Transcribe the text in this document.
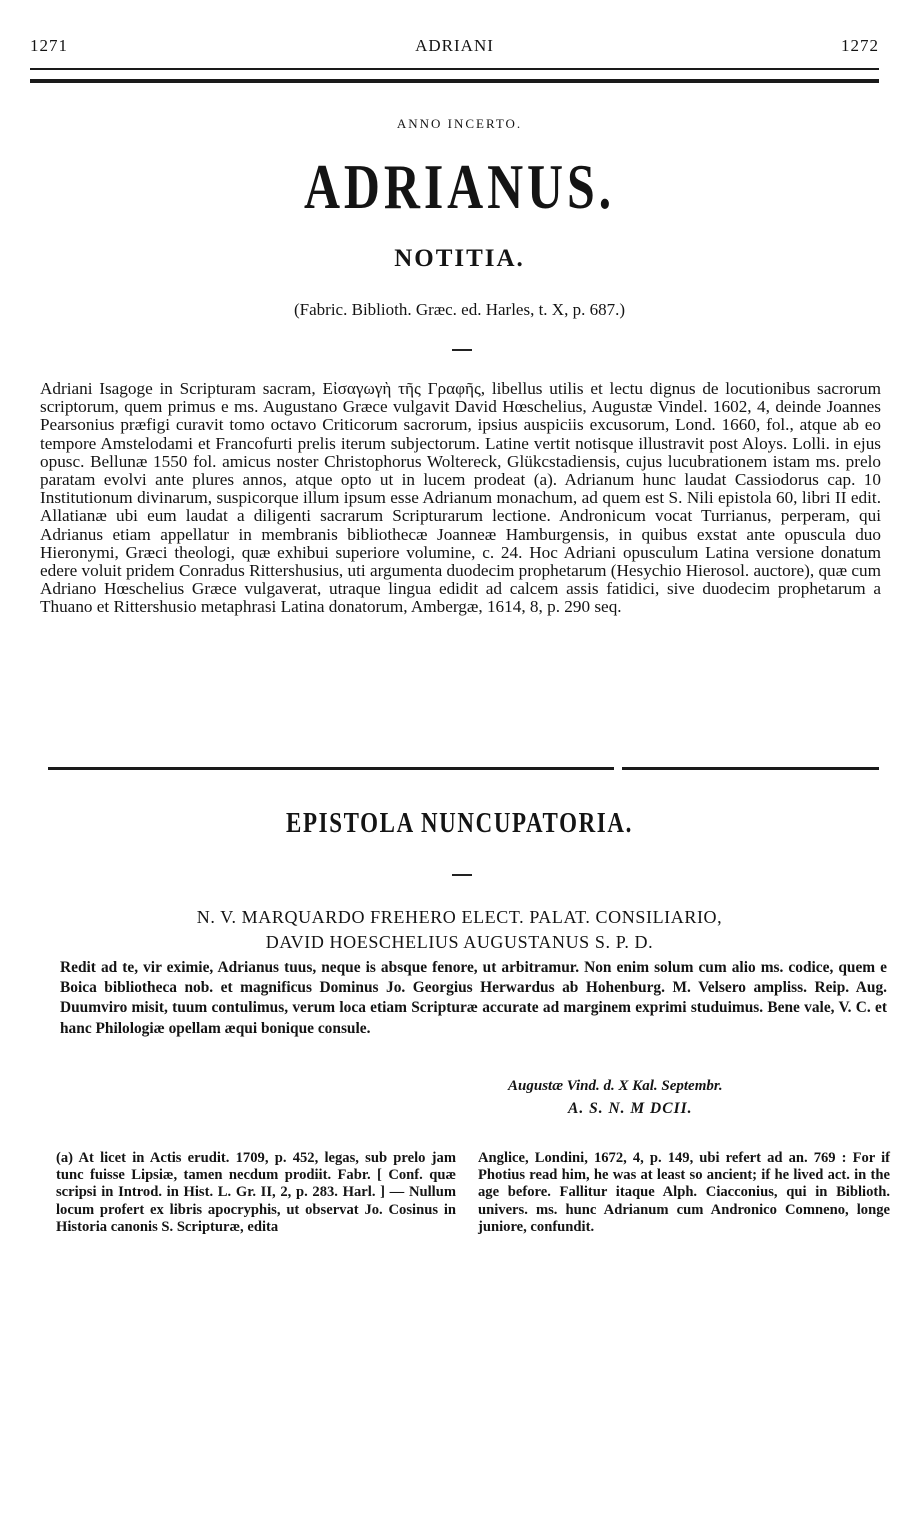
1271	ADRIANI	1272
ANNO INCERTO.
ADRIANUS.
NOTITIA.
(Fabric. Biblioth. Græc. ed. Harles, t. X, p. 687.)
Adriani Isagoge in Scripturam sacram, Εἰσαγωγὴ τῆς Γραφῆς, libellus utilis et lectu dignus de locutionibus sacrorum scriptorum, quem primus e ms. Augustano Græce vulgavit David Hœschelius, Augustæ Vindel. 1602, 4, deinde Joannes Pearsonius præfigi curavit tomo octavo Criticorum sacrorum, ipsius auspiciis excusorum, Lond. 1660, fol., atque ab eo tempore Amstelodami et Francofurti prelis iterum subjectorum. Latine vertit notisque illustravit post Aloys. Lolli. in ejus opusc. Bellunæ 1550 fol. amicus noster Christophorus Woltereck, Glükcstadiensis, cujus lucubrationem istam ms. prelo paratam evolvi ante plures annos, atque opto ut in lucem prodeat (a). Adrianum hunc laudat Cassiodorus cap. 10 Institutionum divinarum, suspicorque illum ipsum esse Adrianum monachum, ad quem est S. Nili epistola 60, libri II edit. Allatianæ ubi eum laudat a diligenti sacrarum Scripturarum lectione. Andronicum vocat Turrianus, perperam, qui Adrianus etiam appellatur in membranis bibliothecæ Joanneæ Hamburgensis, in quibus exstat ante opuscula duo Hieronymi, Græci theologi, quæ exhibui superiore volumine, c. 24. Hoc Adriani opusculum Latina versione donatum edere voluit pridem Conradus Rittershusius, uti argumenta duodecim prophetarum (Hesychio Hierosol. auctore), quæ cum Adriano Hœschelius Græce vulgaverat, utraque lingua edidit ad calcem assis fatidici, sive duodecim prophetarum a Thuano et Rittershusio metaphrasi Latina donatorum, Ambergæ, 1614, 8, p. 290 seq.
EPISTOLA NUNCUPATORIA.
N. V. MARQUARDO FREHERO ELECT. PALAT. CONSILIARIO,
DAVID HOESCHELIUS AUGUSTANUS S. P. D.
Redit ad te, vir eximie, Adrianus tuus, neque is absque fenore, ut arbitramur. Non enim solum cum alio ms. codice, quem e Boica bibliotheca nob. et magnificus Dominus Jo. Georgius Herwardus ab Hohenburg. M. Velsero ampliss. Reip. Aug. Duumviro misit, tuum contulimus, verum loca etiam Scripturæ accurate ad marginem exprimi studuimus. Bene vale, V. C. et hanc Philologiæ opellam æqui bonique consule.
Augustæ Vind. d. X Kal. Septembr.
A. S. N. M DCII.
(a) At licet in Actis erudit. 1709, p. 452, legas, sub prelo jam tunc fuisse Lipsiæ, tamen necdum prodiit. Fabr. [ Conf. quæ scripsi in Introd. in Hist. L. Gr. II, 2, p. 283. Harl. ] — Nullum locum profert ex libris apocryphis, ut observat Jo. Cosinus in Historia canonis S. Scripturæ, edita
Anglice, Londini, 1672, 4, p. 149, ubi refert ad an. 769 : For if Photius read him, he was at least so ancient; if he lived act. in the age before. Fallitur itaque Alph. Ciacconius, qui in Biblioth. univers. ms. hunc Adrianum cum Andronico Comneno, longe juniore, confundit.
